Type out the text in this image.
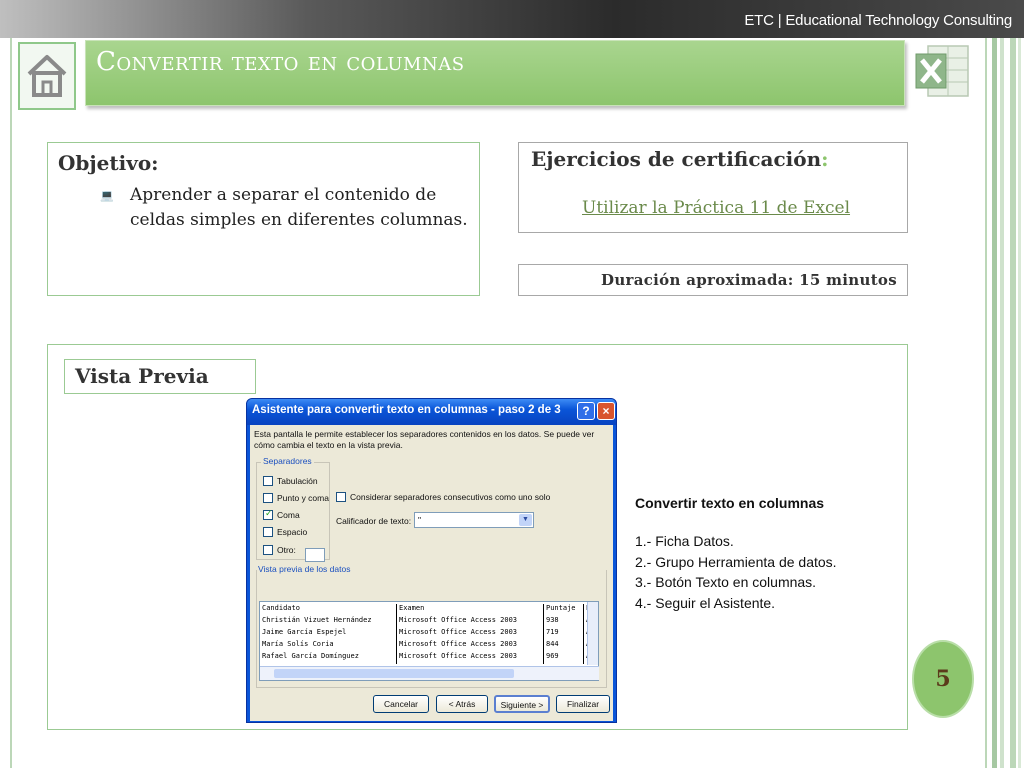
ETC | Educational Technology Consulting
Convertir texto en columnas
Objetivo:
💻 Aprender a separar el contenido de celdas simples en diferentes columnas.
Ejercicios de certificación:
Utilizar la Práctica 11 de Excel
Duración aproximada: 15 minutos
Vista Previa
Convertir texto en columnas
1.- Ficha Datos.
2.- Grupo Herramienta de datos.
3.- Botón Texto en columnas.
4.- Seguir el Asistente.
Asistente para convertir texto en columnas - paso 2 de 3	?	×
Esta pantalla le permite establecer los separadores contenidos en los datos. Se puede ver cómo cambia el texto en la vista previa.
Separadores
Tabulación
Punto y coma
✓
Coma
Espacio
Otro:
Considerar separadores consecutivos como uno solo
Calificador de texto: "	▼
Vista previa de los datos
Candidato	Examen	Puntaje
Christián Vizuet Hernández	Microsoft Office Access 2003	938
Jaime García Espejel	Microsoft Office Access 2003	719
María Solís Coria	Microsoft Office Access 2003	844
Rafael García Domínguez	Microsoft Office Access 2003	969
Cancelar	< Atrás	Siguiente >	Finalizar
5
